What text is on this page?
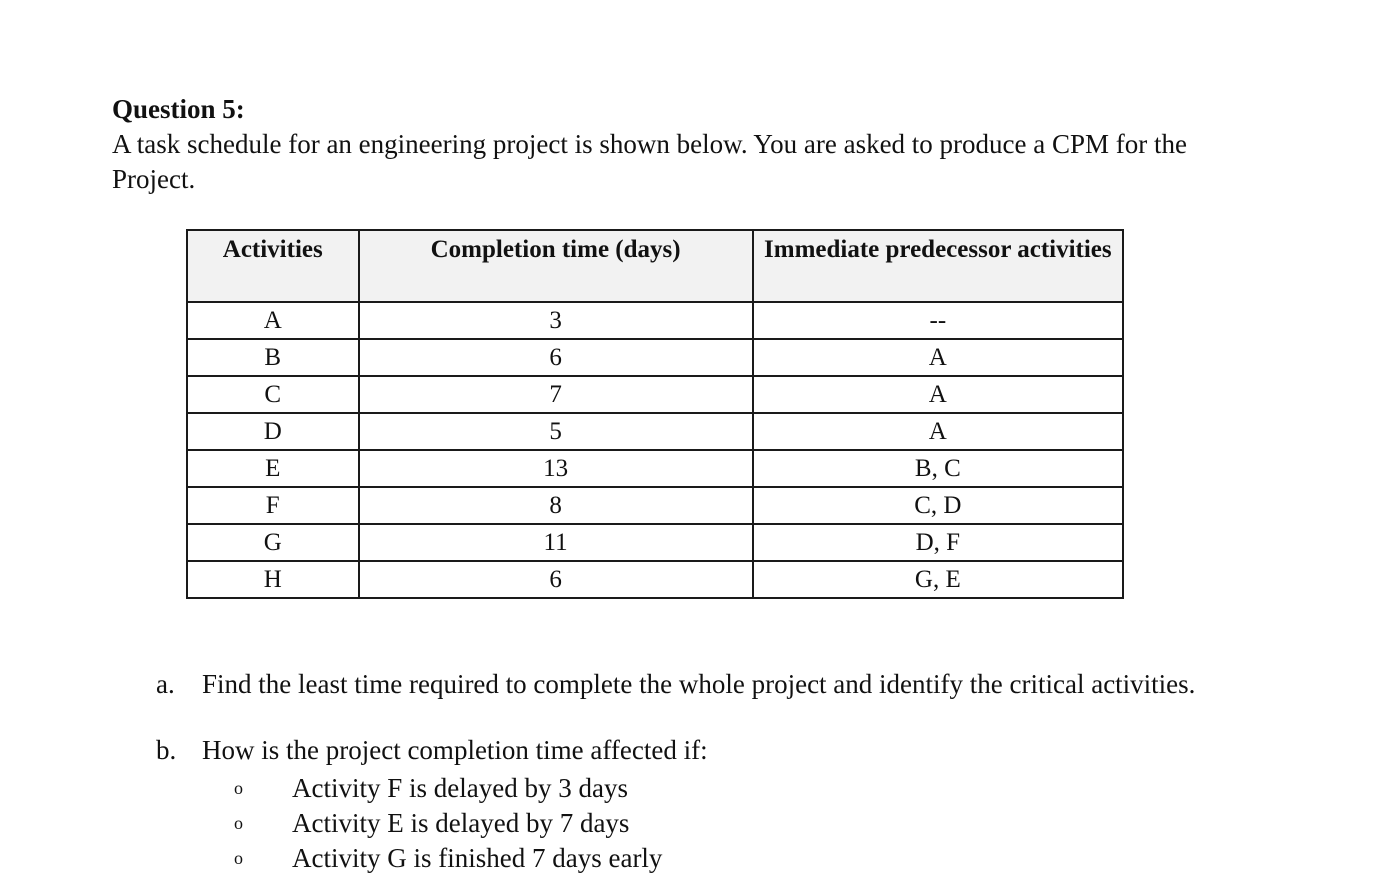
Question 5:
A task schedule for an engineering project is shown below. You are asked to produce a CPM for the Project.
Activities	Completion time (days)	Immediate predecessor activities
A	3	--
B	6	A
C	7	A
D	5	A
E	13	B, C
F	8	C, D
G	11	D, F
H	6	G, E
a. Find the least time required to complete the whole project and identify the critical activities.
b. How is the project completion time affected if:
o Activity F is delayed by 3 days
o Activity E is delayed by 7 days
o Activity G is finished 7 days early
